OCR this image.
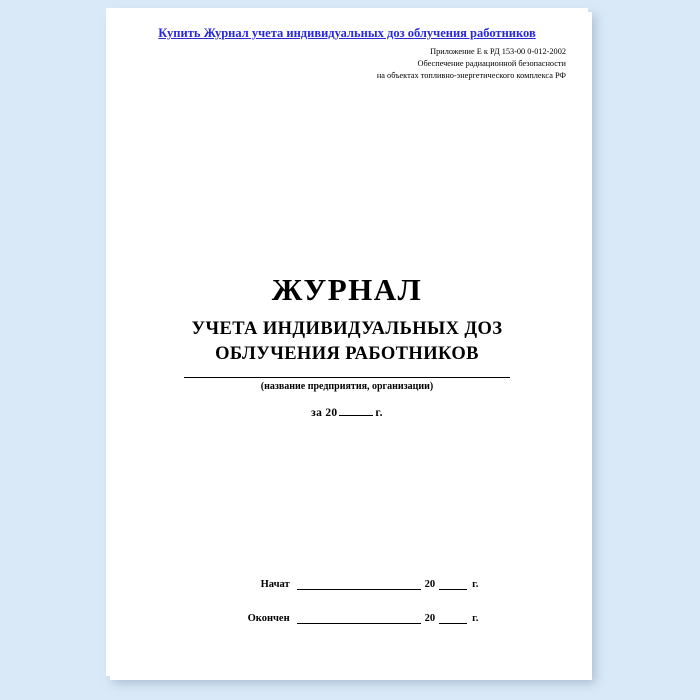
Купить Журнал учета индивидуальных доз облучения работников
Приложение Е к РД 153-00 0-012-2002
Обеспечение радиационной безопасности
на объектах топливно-энергетического комплекса РФ
ЖУРНАЛ
УЧЕТА ИНДИВИДУАЛЬНЫХ ДОЗ
ОБЛУЧЕНИЯ РАБОТНИКОВ
(название предприятия, организации)
за 20	г.
Начат	20	г.
Окончен	20	г.
